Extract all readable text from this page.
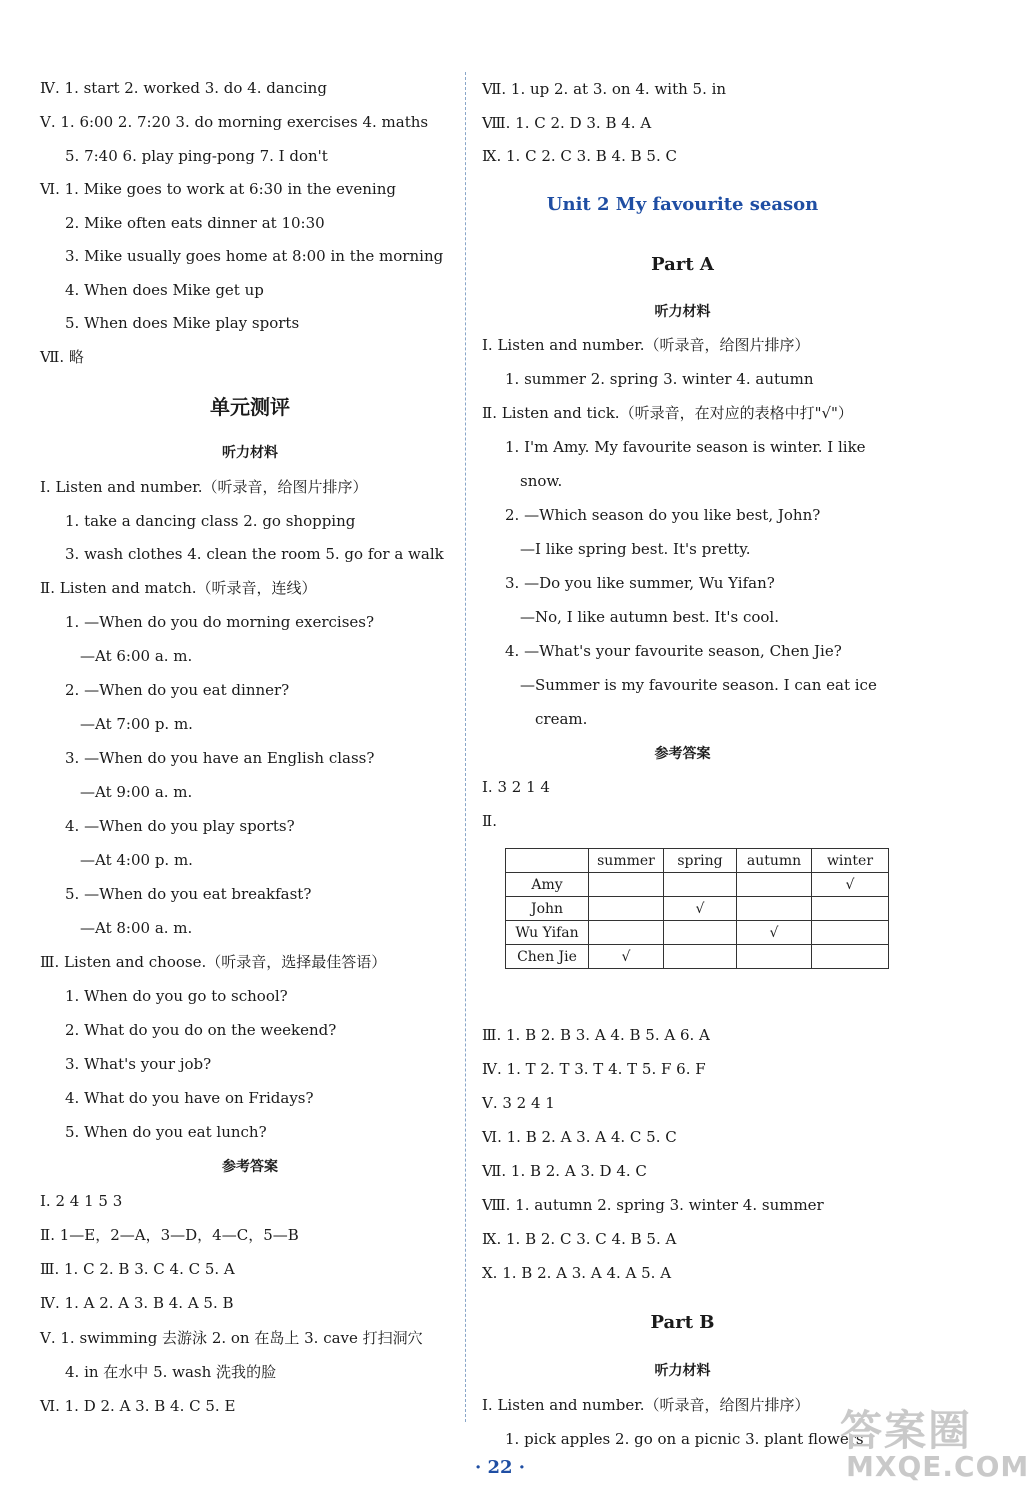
Ⅳ. 1. start 2. worked 3. do 4. dancing
Ⅴ. 1. 6:00 2. 7:20 3. do morning exercises 4. maths
5. 7:40 6. play ping-pong 7. I don't
Ⅵ. 1. Mike goes to work at 6:30 in the evening
2. Mike often eats dinner at 10:30
3. Mike usually goes home at 8:00 in the morning
4. When does Mike get up
5. When does Mike play sports
Ⅶ. 略
单元测评
听力材料
Ⅰ. Listen and number.（听录音，给图片排序）
1. take a dancing class 2. go shopping
3. wash clothes 4. clean the room 5. go for a walk
Ⅱ. Listen and match.（听录音，连线）
1. —When do you do morning exercises?
—At 6:00 a. m.
2. —When do you eat dinner?
—At 7:00 p. m.
3. —When do you have an English class?
—At 9:00 a. m.
4. —When do you play sports?
—At 4:00 p. m.
5. —When do you eat breakfast?
—At 8:00 a. m.
Ⅲ. Listen and choose.（听录音，选择最佳答语）
1. When do you go to school?
2. What do you do on the weekend?
3. What's your job?
4. What do you have on Fridays?
5. When do you eat lunch?
参考答案
Ⅰ. 2 4 1 5 3
Ⅱ. 1—E，2—A，3—D，4—C，5—B
Ⅲ. 1. C 2. B 3. C 4. C 5. A
Ⅳ. 1. A 2. A 3. B 4. A 5. B
Ⅴ. 1. swimming 去游泳 2. on 在岛上 3. cave 打扫洞穴
4. in 在水中 5. wash 洗我的脸
Ⅵ. 1. D 2. A 3. B 4. C 5. E
Ⅶ. 1. up 2. at 3. on 4. with 5. in
Ⅷ. 1. C 2. D 3. B 4. A
Ⅸ. 1. C 2. C 3. B 4. B 5. C
Unit 2 My favourite season
Part A
听力材料
Ⅰ. Listen and number.（听录音，给图片排序）
1. summer 2. spring 3. winter 4. autumn
Ⅱ. Listen and tick.（听录音，在对应的表格中打"√"）
1. I'm Amy. My favourite season is winter. I like
snow.
2. —Which season do you like best, John?
—I like spring best. It's pretty.
3. —Do you like summer, Wu Yifan?
—No, I like autumn best. It's cool.
4. —What's your favourite season, Chen Jie?
—Summer is my favourite season. I can eat ice
cream.
参考答案
Ⅰ. 3 2 1 4
Ⅱ.
	summer	spring	autumn	winter
Amy				√
John		√		
Wu Yifan			√	
Chen Jie	√			
Ⅲ. 1. B 2. B 3. A 4. B 5. A 6. A
Ⅳ. 1. T 2. T 3. T 4. T 5. F 6. F
Ⅴ. 3 2 4 1
Ⅵ. 1. B 2. A 3. A 4. C 5. C
Ⅶ. 1. B 2. A 3. D 4. C
Ⅷ. 1. autumn 2. spring 3. winter 4. summer
Ⅸ. 1. B 2. C 3. C 4. B 5. A
Ⅹ. 1. B 2. A 3. A 4. A 5. A
Part B
听力材料
Ⅰ. Listen and number.（听录音，给图片排序）
1. pick apples 2. go on a picnic 3. plant flowers
· 22 ·
答案圈
MXQE.COM
